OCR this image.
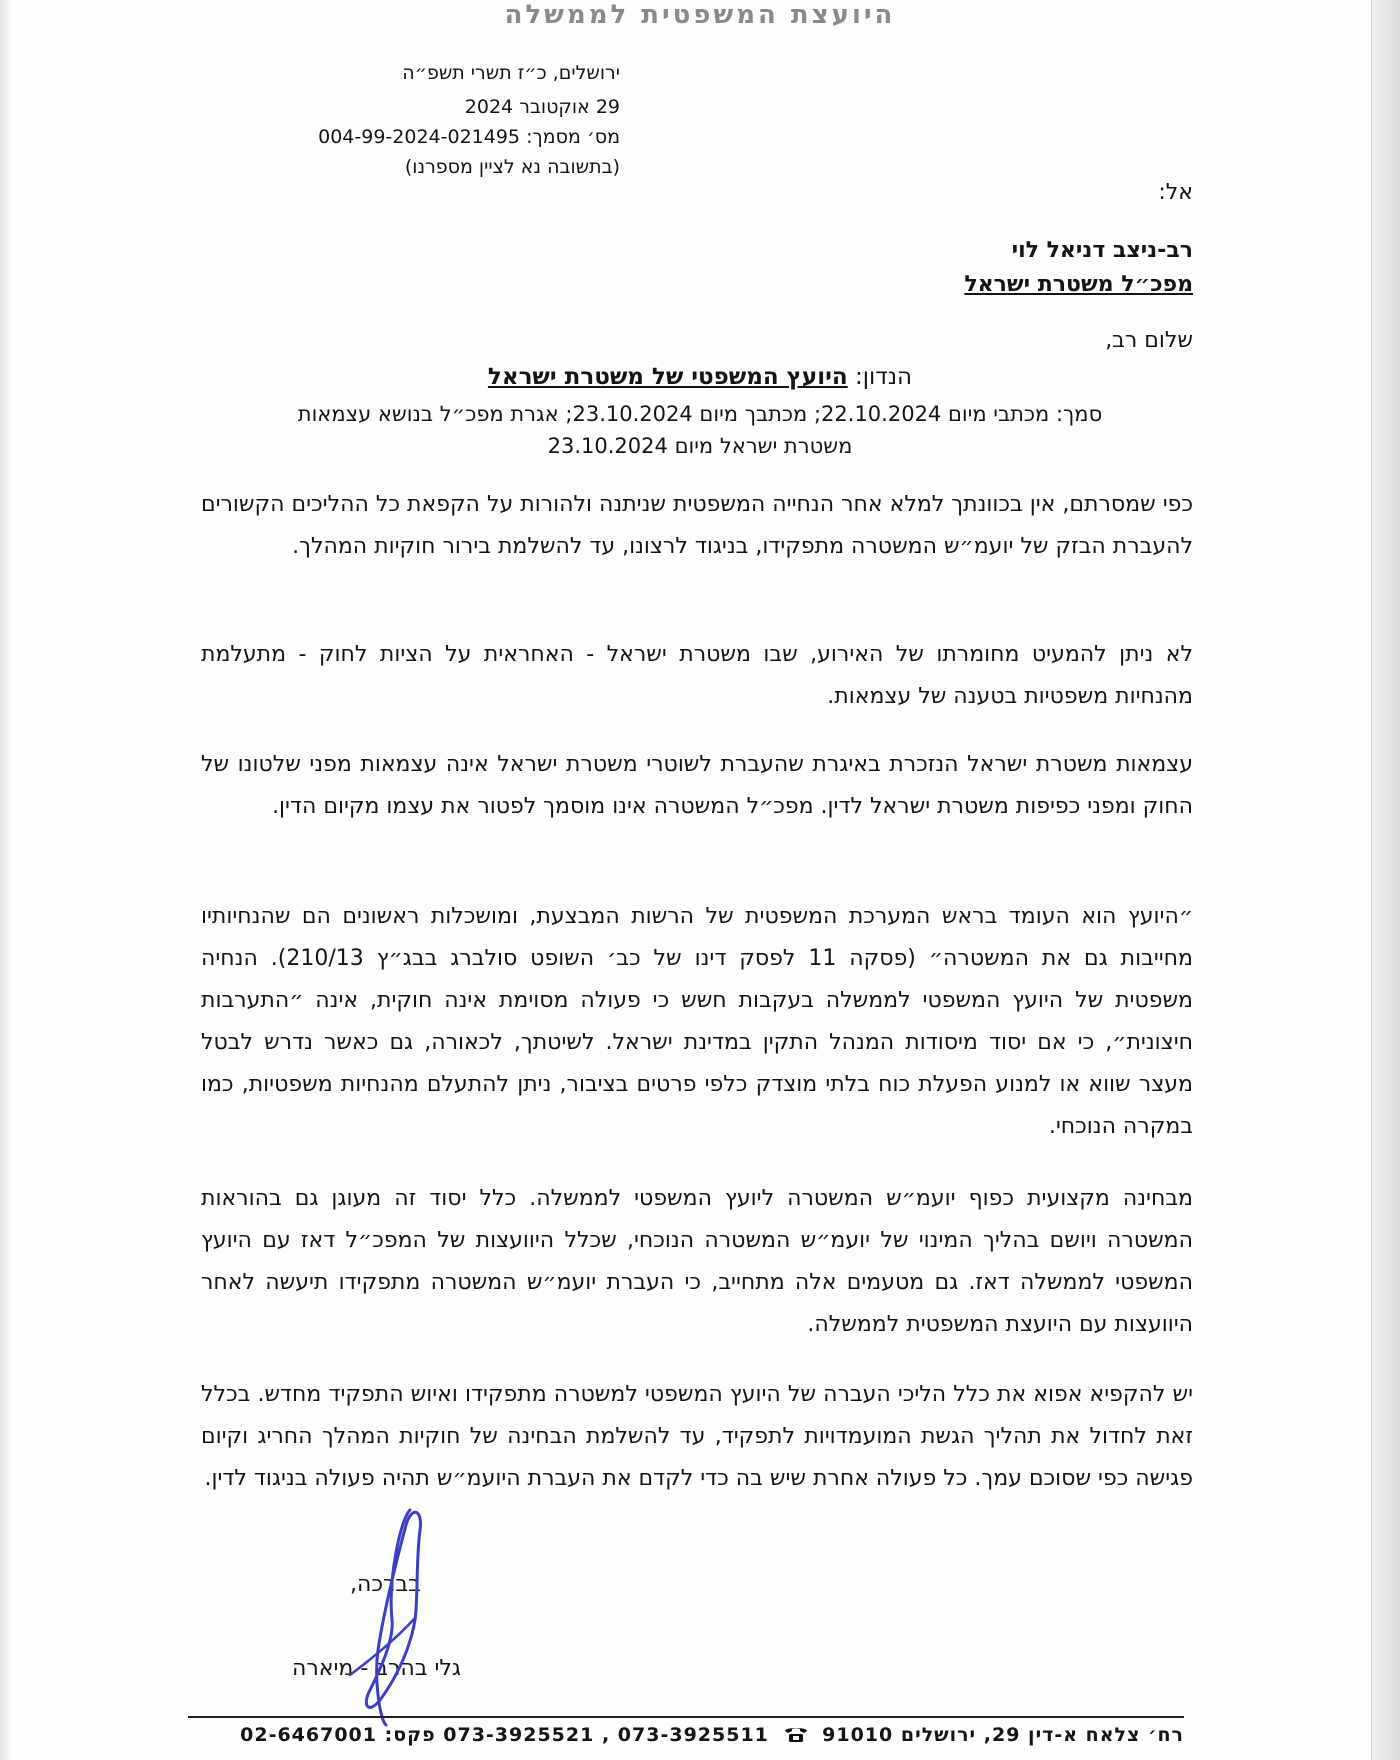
היועצת המשפטית לממשלה
ירושלים, כ״ז תשרי תשפ״ה
29 אוקטובר 2024
מס׳ מסמך: 004-99-2024-021495
(בתשובה נא לציין מספרנו)
אל:
רב-ניצב דניאל לוי
מפכ״ל משטרת ישראל
שלום רב,
הנדון: היועץ המשפטי של משטרת ישראל
סמך: מכתבי מיום 22.10.2024; מכתבך מיום 23.10.2024; אגרת מפכ״ל בנושא עצמאות
משטרת ישראל מיום 23.10.2024
כפי שמסרתם, אין בכוונתך למלא אחר הנחייה המשפטית שניתנה ולהורות על הקפאת כל ההליכים הקשורים להעברת הבזק של יועמ״ש המשטרה מתפקידו, בניגוד לרצונו, עד להשלמת בירור חוקיות המהלך.
לא ניתן להמעיט מחומרתו של האירוע, שבו משטרת ישראל - האחראית על הציות לחוק - מתעלמת מהנחיות משפטיות בטענה של עצמאות.
עצמאות משטרת ישראל הנזכרת באיגרת שהעברת לשוטרי משטרת ישראל אינה עצמאות מפני שלטונו של החוק ומפני כפיפות משטרת ישראל לדין. מפכ״ל המשטרה אינו מוסמך לפטור את עצמו מקיום הדין.
״היועץ הוא העומד בראש המערכת המשפטית של הרשות המבצעת, ומושכלות ראשונים הם שהנחיותיו מחייבות גם את המשטרה״ (פסקה 11 לפסק דינו של כב׳ השופט סולברג בבג״ץ 210/13). הנחיה משפטית של היועץ המשפטי לממשלה בעקבות חשש כי פעולה מסוימת אינה חוקית, אינה ״התערבות חיצונית״, כי אם יסוד מיסודות המנהל התקין במדינת ישראל. לשיטתך, לכאורה, גם כאשר נדרש לבטל מעצר שווא או למנוע הפעלת כוח בלתי מוצדק כלפי פרטים בציבור, ניתן להתעלם מהנחיות משפטיות, כמו במקרה הנוכחי.
מבחינה מקצועית כפוף יועמ״ש המשטרה ליועץ המשפטי לממשלה. כלל יסוד זה מעוגן גם בהוראות המשטרה ויושם בהליך המינוי של יועמ״ש המשטרה הנוכחי, שכלל היוועצות של המפכ״ל דאז עם היועץ המשפטי לממשלה דאז. גם מטעמים אלה מתחייב, כי העברת יועמ״ש המשטרה מתפקידו תיעשה לאחר היוועצות עם היועצת המשפטית לממשלה.
יש להקפיא אפוא את כלל הליכי העברה של היועץ המשפטי למשטרה מתפקידו ואיוש התפקיד מחדש. בכלל זאת לחדול את תהליך הגשת המועמדויות לתפקיד, עד להשלמת הבחינה של חוקיות המהלך החריג וקיום פגישה כפי שסוכם עמך. כל פעולה אחרת שיש בה כדי לקדם את העברת היועמ״ש תהיה פעולה בניגוד לדין.
בברכה,
גלי בהרב - מיארה
רח׳ צלאח א-דין 29, ירושלים 91010  073-3925511 , 073-3925521 פקס: 02-6467001
